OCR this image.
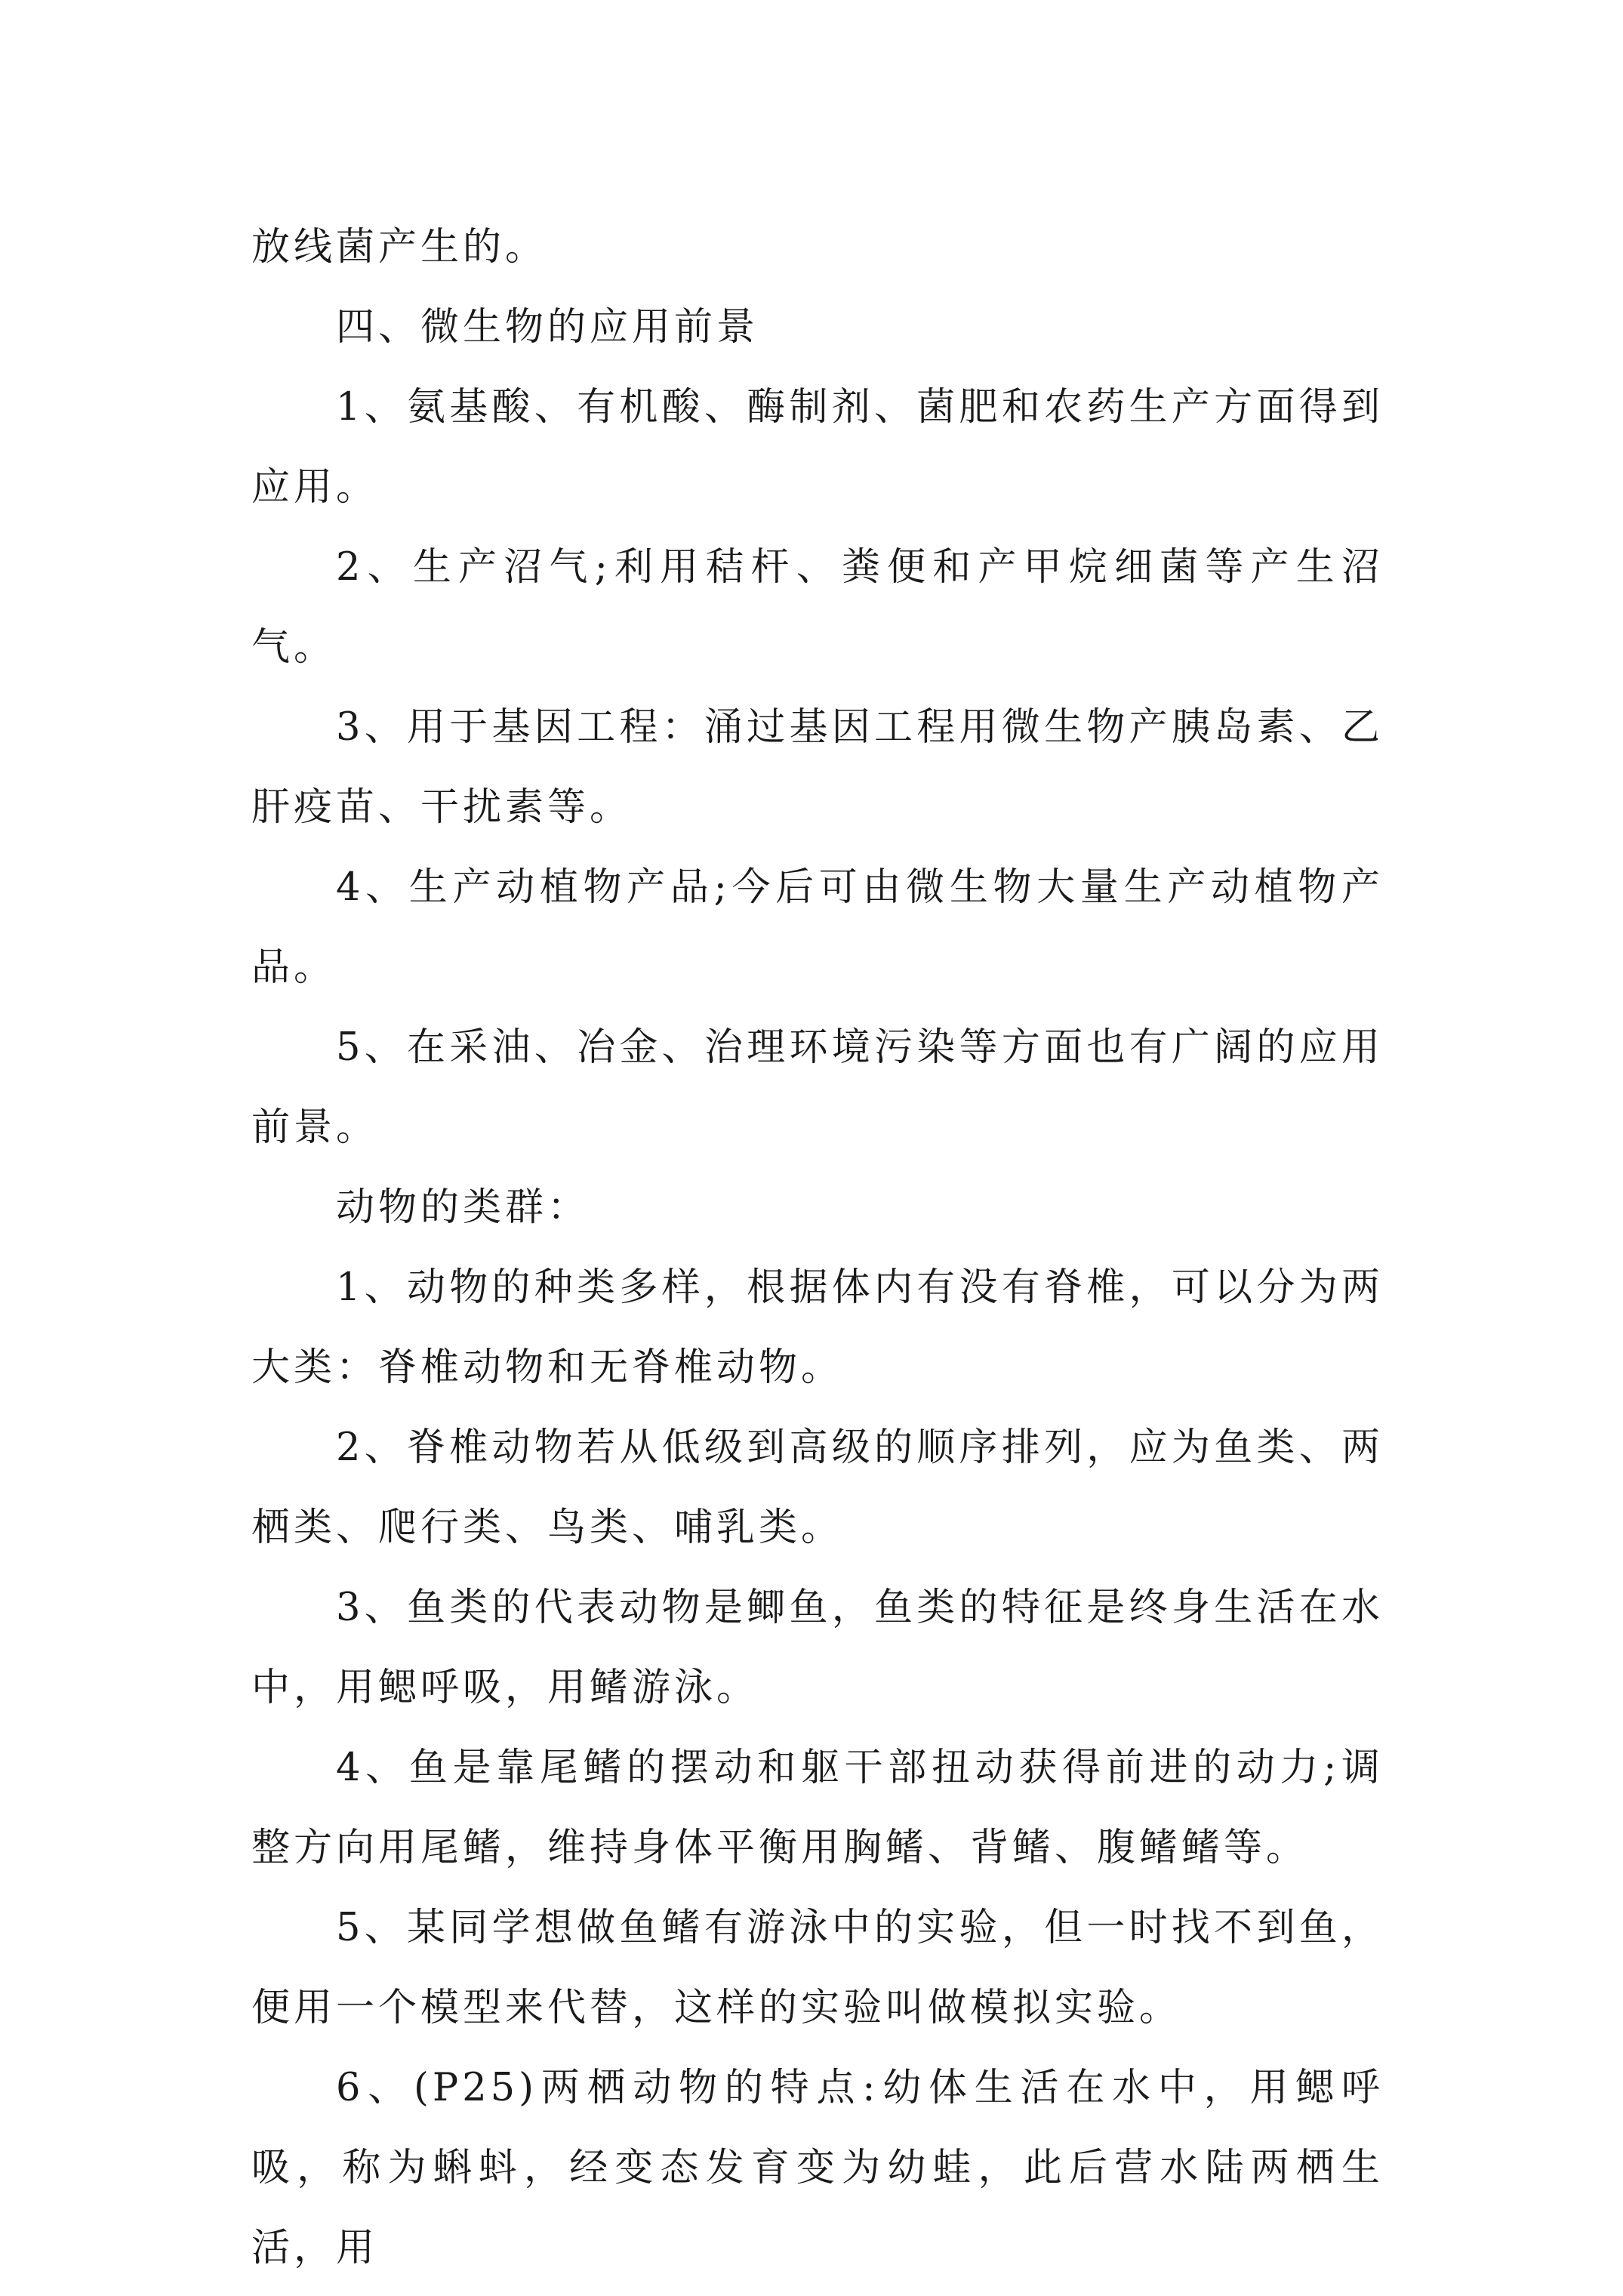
放线菌产生的。

四、微生物的应用前景

1、氨基酸、有机酸、酶制剂、菌肥和农药生产方面得到应用。

2、生产沼气;利用秸杆、粪便和产甲烷细菌等产生沼气。

3、用于基因工程：涌过基因工程用微生物产胰岛素、乙肝疫苗、干扰素等。

4、生产动植物产品;今后可由微生物大量生产动植物产品。

5、在采油、冶金、治理环境污染等方面也有广阔的应用前景。

动物的类群：

1、动物的种类多样，根据体内有没有脊椎，可以分为两大类：脊椎动物和无脊椎动物。

2、脊椎动物若从低级到高级的顺序排列，应为鱼类、两栖类、爬行类、鸟类、哺乳类。

3、鱼类的代表动物是鲫鱼，鱼类的特征是终身生活在水中，用鳃呼吸，用鳍游泳。

4、鱼是靠尾鳍的摆动和躯干部扭动获得前进的动力;调整方向用尾鳍，维持身体平衡用胸鳍、背鳍、腹鳍鳍等。

5、某同学想做鱼鳍有游泳中的实验，但一时找不到鱼，便用一个模型来代替，这样的实验叫做模拟实验。

6、(P25)两栖动物的特点:幼体生活在水中，用鳃呼吸，称为蝌蚪，经变态发育变为幼蛙，此后营水陆两栖生活，用
